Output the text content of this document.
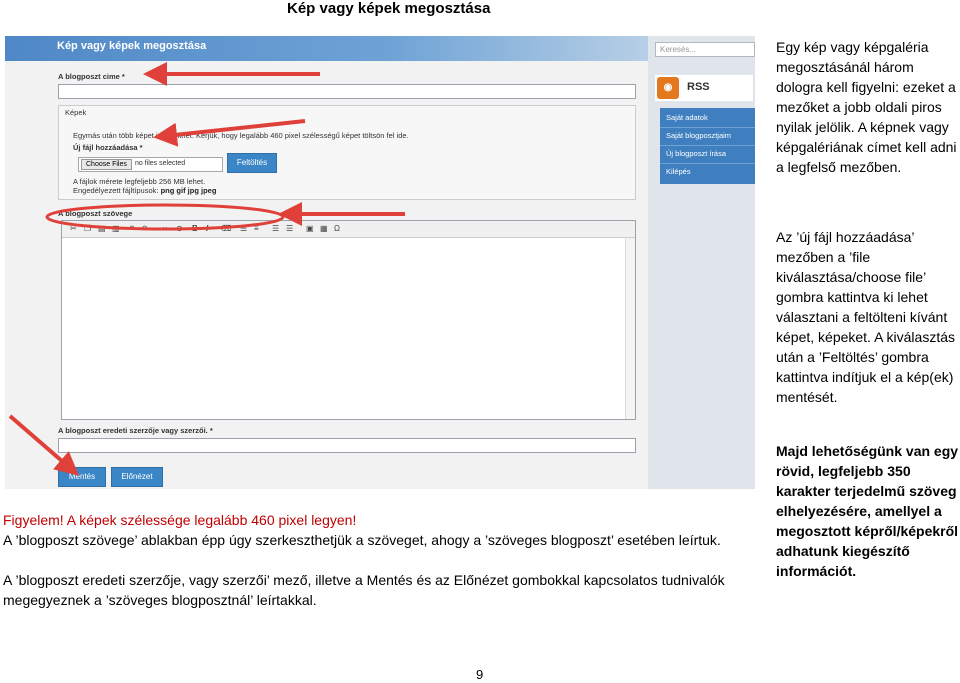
Kép vagy képek megosztása
Kép vagy képek megosztása
A blogposzt cime *
Képek
Egymás után több képet is feltölthet. Kérjük, hogy legalább 460 pixel szélességű képet töltsön fel ide.
Új fájl hozzáadása *
Choose Files	no files selected	Feltöltés
A fájlok mérete legfeljebb 256 MB lehet.
Engedélyezett fájltípusok: png gif jpg jpeg
A blogposzt szövege
✂ ❐ ▤ ▥ ↶ ↷ ∞ ⊘ B I ⌫ ☰ ≡ ☰ ☰ ▣ ▦ Ω
A blogposzt eredeti szerzője vagy szerzői. *
Mentés	Előnézet
Keresés...
◉	RSS
Saját adatok
Saját blogposztjaim
Új blogposzt írása
Kilépés
Egy kép vagy képgaléria megosztásánál három dologra kell figyelni: ezeket a mezőket a jobb oldali piros nyilak jelölik. A képnek vagy képgalériának címet kell adni a legfelső mezőben.
Az ’új fájl hozzáadása’ mezőben a ’file kiválasztása/choose file’ gombra kattintva ki lehet választani a feltölteni kívánt képet, képeket. A kiválasztás után a ’Feltöltés’ gombra kattintva indítjuk el a kép(ek) mentését.
Majd lehetőségünk van egy rövid, legfeljebb 350 karakter terjedelmű szöveg elhelyezésére, amellyel a megosztott képről/képekről adhatunk kiegészítő információt.
Figyelem! A képek szélessége legalább 460 pixel legyen!
A ’blogposzt szövege’ ablakban épp úgy szerkeszthetjük a szöveget, ahogy a ’szöveges blogposzt’ esetében leírtuk.
A ’blogposzt eredeti szerzője, vagy szerzői’ mező, illetve a Mentés és az Előnézet gombokkal kapcsolatos tudnivalók megegyeznek a ’szöveges blogposztnál’ leírtakkal.
9
